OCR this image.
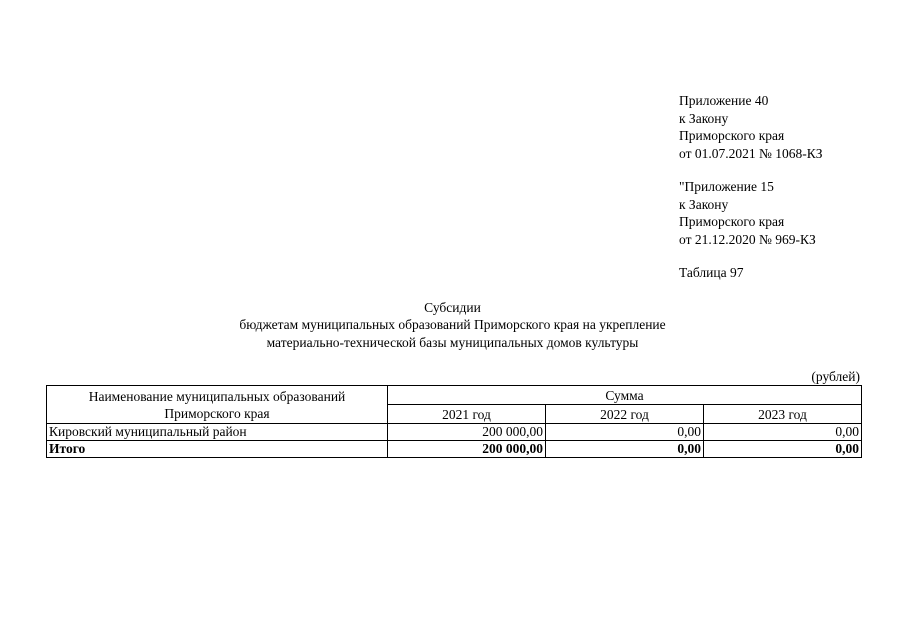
Приложение 40
к Закону
Приморского края
от 01.07.2021 № 1068-КЗ
"Приложение 15
к Закону
Приморского края
от 21.12.2020 № 969-КЗ
Таблица 97
Субсидии
бюджетам муниципальных образований Приморского края на укрепление
материально-технической базы муниципальных домов культуры
(рублей)
Наименование муниципальных образований Приморского края	Сумма		
	2021 год	2022 год	2023 год
Кировский муниципальный район	200 000,00	0,00	0,00
Итого	200 000,00	0,00	0,00
